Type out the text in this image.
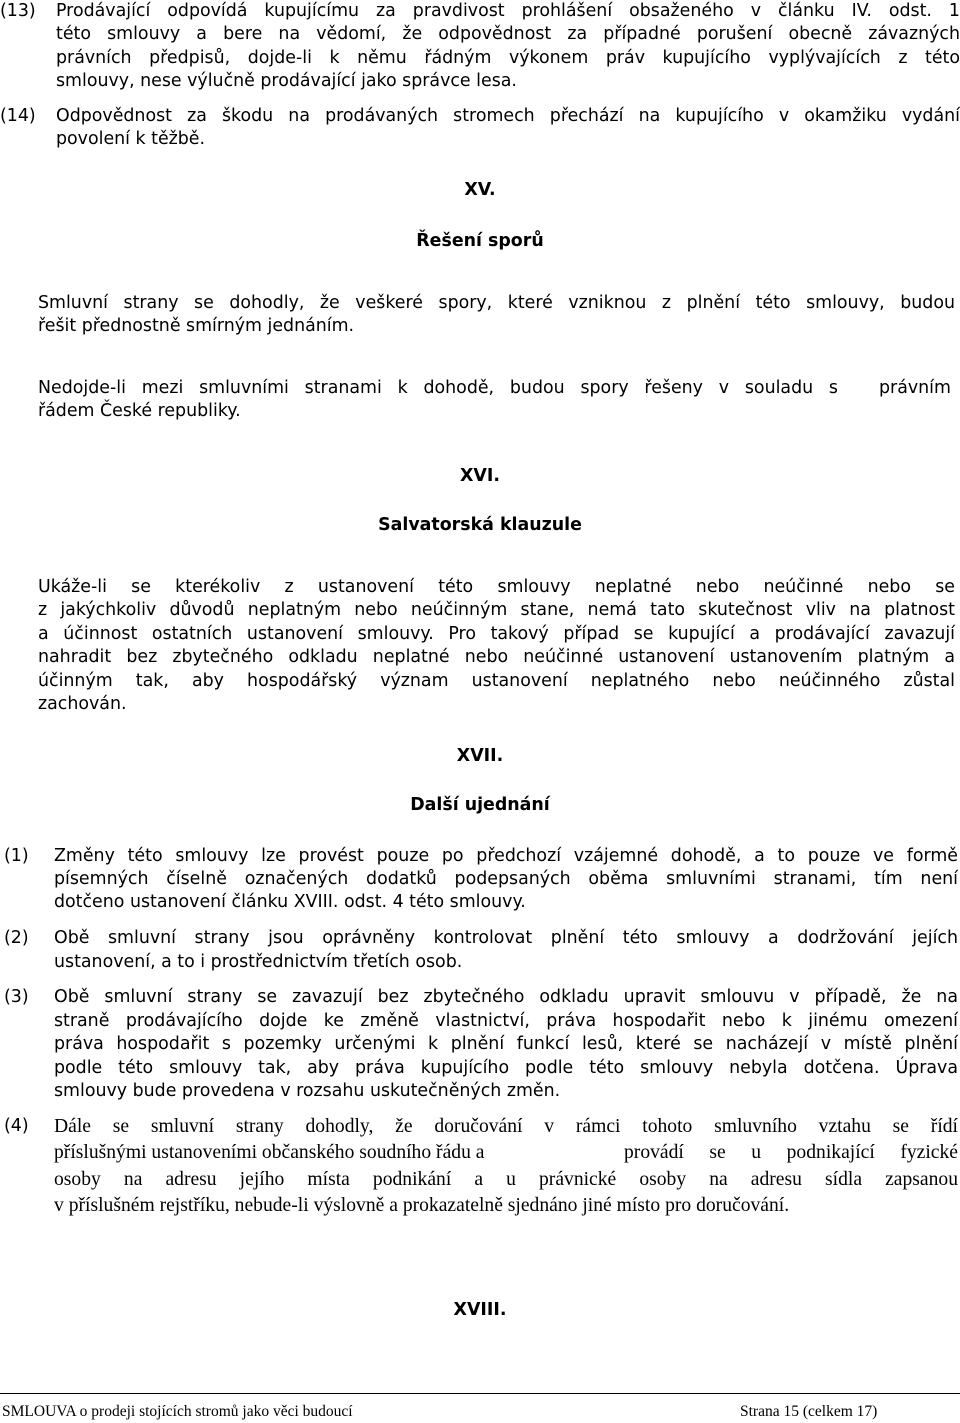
(13) Prodávající odpovídá kupujícímu za pravdivost prohlášení obsaženého v článku IV. odst. 1
této smlouvy a bere na vědomí, že odpovědnost za případné porušení obecně závazných
právních předpisů, dojde-li k němu řádným výkonem práv kupujícího vyplývajících z této
smlouvy, nese výlučně prodávající jako správce lesa.
(14) Odpovědnost za škodu na prodávaných stromech přechází na kupujícího v okamžiku vydání
povolení k těžbě.
XV.
Řešení sporů
Smluvní strany se dohodly, že veškeré spory, které vzniknou z plnění této smlouvy, budou
řešit přednostně smírným jednáním.
Nedojde-li mezi smluvními stranami k dohodě, budou spory řešeny v souladu s právním
řádem České republiky.
XVI.
Salvatorská klauzule
Ukáže-li se kterékoliv z ustanovení této smlouvy neplatné nebo neúčinné nebo se
z jakýchkoliv důvodů neplatným nebo neúčinným stane, nemá tato skutečnost vliv na platnost
a účinnost ostatních ustanovení smlouvy. Pro takový případ se kupující a prodávající zavazují
nahradit bez zbytečného odkladu neplatné nebo neúčinné ustanovení ustanovením platným a
účinným tak, aby hospodářský význam ustanovení neplatného nebo neúčinného zůstal
zachován.
XVII.
Další ujednání
(1) Změny této smlouvy lze provést pouze po předchozí vzájemné dohodě, a to pouze ve formě
písemných číselně označených dodatků podepsaných oběma smluvními stranami, tím není
dotčeno ustanovení článku XVIII. odst. 4 této smlouvy.
(2) Obě smluvní strany jsou oprávněny kontrolovat plnění této smlouvy a dodržování jejích
ustanovení, a to i prostřednictvím třetích osob.
(3) Obě smluvní strany se zavazují bez zbytečného odkladu upravit smlouvu v případě, že na
straně prodávajícího dojde ke změně vlastnictví, práva hospodařit nebo k jinému omezení
práva hospodařit s pozemky určenými k plnění funkcí lesů, které se nacházejí v místě plnění
podle této smlouvy tak, aby práva kupujícího podle této smlouvy nebyla dotčena. Úprava
smlouvy bude provedena v rozsahu uskutečněných změn.
(4) Dále se smluvní strany dohodly, že doručování v rámci tohoto smluvního vztahu se řídí
příslušnými ustanoveními občanského soudního řádu a	provádí se u podnikající fyzické
osoby na adresu jejího místa podnikání a u právnické osoby na adresu sídla zapsanou
v příslušném rejstříku, nebude-li výslovně a prokazatelně sjednáno jiné místo pro doručování.
XVIII.
SMLOUVA o prodeji stojících stromů jako věci budoucí	Strana 15 (celkem 17)
